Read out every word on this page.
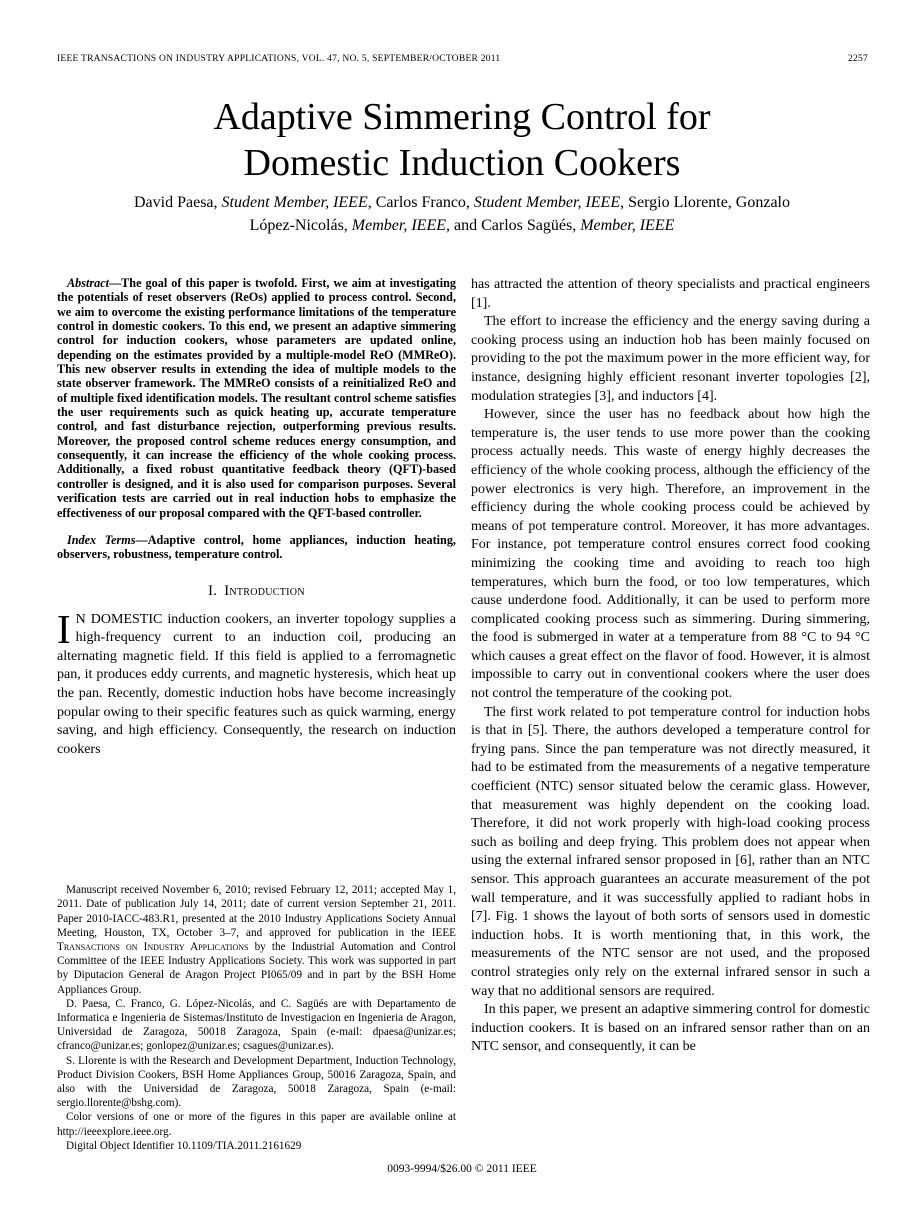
IEEE TRANSACTIONS ON INDUSTRY APPLICATIONS, VOL. 47, NO. 5, SEPTEMBER/OCTOBER 2011	2257
Adaptive Simmering Control for Domestic Induction Cookers
David Paesa, Student Member, IEEE, Carlos Franco, Student Member, IEEE, Sergio Llorente, Gonzalo López-Nicolás, Member, IEEE, and Carlos Sagüés, Member, IEEE

Abstract—The goal of this paper is twofold. First, we aim at investigating the potentials of reset observers (ReOs) applied to process control. Second, we aim to overcome the existing performance limitations of the temperature control in domestic cookers. To this end, we present an adaptive simmering control for induction cookers, whose parameters are updated online, depending on the estimates provided by a multiple-model ReO (MMReO). This new observer results in extending the idea of multiple models to the state observer framework. The MMReO consists of a reinitialized ReO and of multiple fixed identification models. The resultant control scheme satisfies the user requirements such as quick heating up, accurate temperature control, and fast disturbance rejection, outperforming previous results. Moreover, the proposed control scheme reduces energy consumption, and consequently, it can increase the efficiency of the whole cooking process. Additionally, a fixed robust quantitative feedback theory (QFT)-based controller is designed, and it is also used for comparison purposes. Several verification tests are carried out in real induction hobs to emphasize the effectiveness of our proposal compared with the QFT-based controller.

Index Terms—Adaptive control, home appliances, induction heating, observers, robustness, temperature control.

I. Introduction

I N DOMESTIC induction cookers, an inverter topology supplies a high-frequency current to an induction coil, producing an alternating magnetic field. If this field is applied to a ferromagnetic pan, it produces eddy currents, and magnetic hysteresis, which heat up the pan. Recently, domestic induction hobs have become increasingly popular owing to their specific features such as quick warming, energy saving, and high efficiency. Consequently, the research on induction cookers

Manuscript received November 6, 2010; revised February 12, 2011; accepted May 1, 2011. Date of publication July 14, 2011; date of current version September 21, 2011. Paper 2010-IACC-483.R1, presented at the 2010 Industry Applications Society Annual Meeting, Houston, TX, October 3–7, and approved for publication in the IEEE Transactions on Industry Applications by the Industrial Automation and Control Committee of the IEEE Industry Applications Society. This work was supported in part by Diputacion General de Aragon Project PI065/09 and in part by the BSH Home Appliances Group.

D. Paesa, C. Franco, G. López-Nicolás, and C. Sagüés are with Departamento de Informatica e Ingenieria de Sistemas/Instituto de Investigacion en Ingenieria de Aragon, Universidad de Zaragoza, 50018 Zaragoza, Spain (e-mail: dpaesa@unizar.es; cfranco@unizar.es; gonlopez@unizar.es; csagues@unizar.es).

S. Llorente is with the Research and Development Department, Induction Technology, Product Division Cookers, BSH Home Appliances Group, 50016 Zaragoza, Spain, and also with the Universidad de Zaragoza, 50018 Zaragoza, Spain (e-mail: sergio.llorente@bshg.com).

Color versions of one or more of the figures in this paper are available online at http://ieeexplore.ieee.org.

Digital Object Identifier 10.1109/TIA.2011.2161629

has attracted the attention of theory specialists and practical engineers [1].

The effort to increase the efficiency and the energy saving during a cooking process using an induction hob has been mainly focused on providing to the pot the maximum power in the more efficient way, for instance, designing highly efficient resonant inverter topologies [2], modulation strategies [3], and inductors [4].

However, since the user has no feedback about how high the temperature is, the user tends to use more power than the cooking process actually needs. This waste of energy highly decreases the efficiency of the whole cooking process, although the efficiency of the power electronics is very high. Therefore, an improvement in the efficiency during the whole cooking process could be achieved by means of pot temperature control. Moreover, it has more advantages. For instance, pot temperature control ensures correct food cooking minimizing the cooking time and avoiding to reach too high temperatures, which burn the food, or too low temperatures, which cause underdone food. Additionally, it can be used to perform more complicated cooking process such as simmering. During simmering, the food is submerged in water at a temperature from 88 °C to 94 °C which causes a great effect on the flavor of food. However, it is almost impossible to carry out in conventional cookers where the user does not control the temperature of the cooking pot.

The first work related to pot temperature control for induction hobs is that in [5]. There, the authors developed a temperature control for frying pans. Since the pan temperature was not directly measured, it had to be estimated from the measurements of a negative temperature coefficient (NTC) sensor situated below the ceramic glass. However, that measurement was highly dependent on the cooking load. Therefore, it did not work properly with high-load cooking process such as boiling and deep frying. This problem does not appear when using the external infrared sensor proposed in [6], rather than an NTC sensor. This approach guarantees an accurate measurement of the pot wall temperature, and it was successfully applied to radiant hobs in [7]. Fig. 1 shows the layout of both sorts of sensors used in domestic induction hobs. It is worth mentioning that, in this work, the measurements of the NTC sensor are not used, and the proposed control strategies only rely on the external infrared sensor in such a way that no additional sensors are required.

In this paper, we present an adaptive simmering control for domestic induction cookers. It is based on an infrared sensor rather than on an NTC sensor, and consequently, it can be

0093-9994/$26.00 © 2011 IEEE
